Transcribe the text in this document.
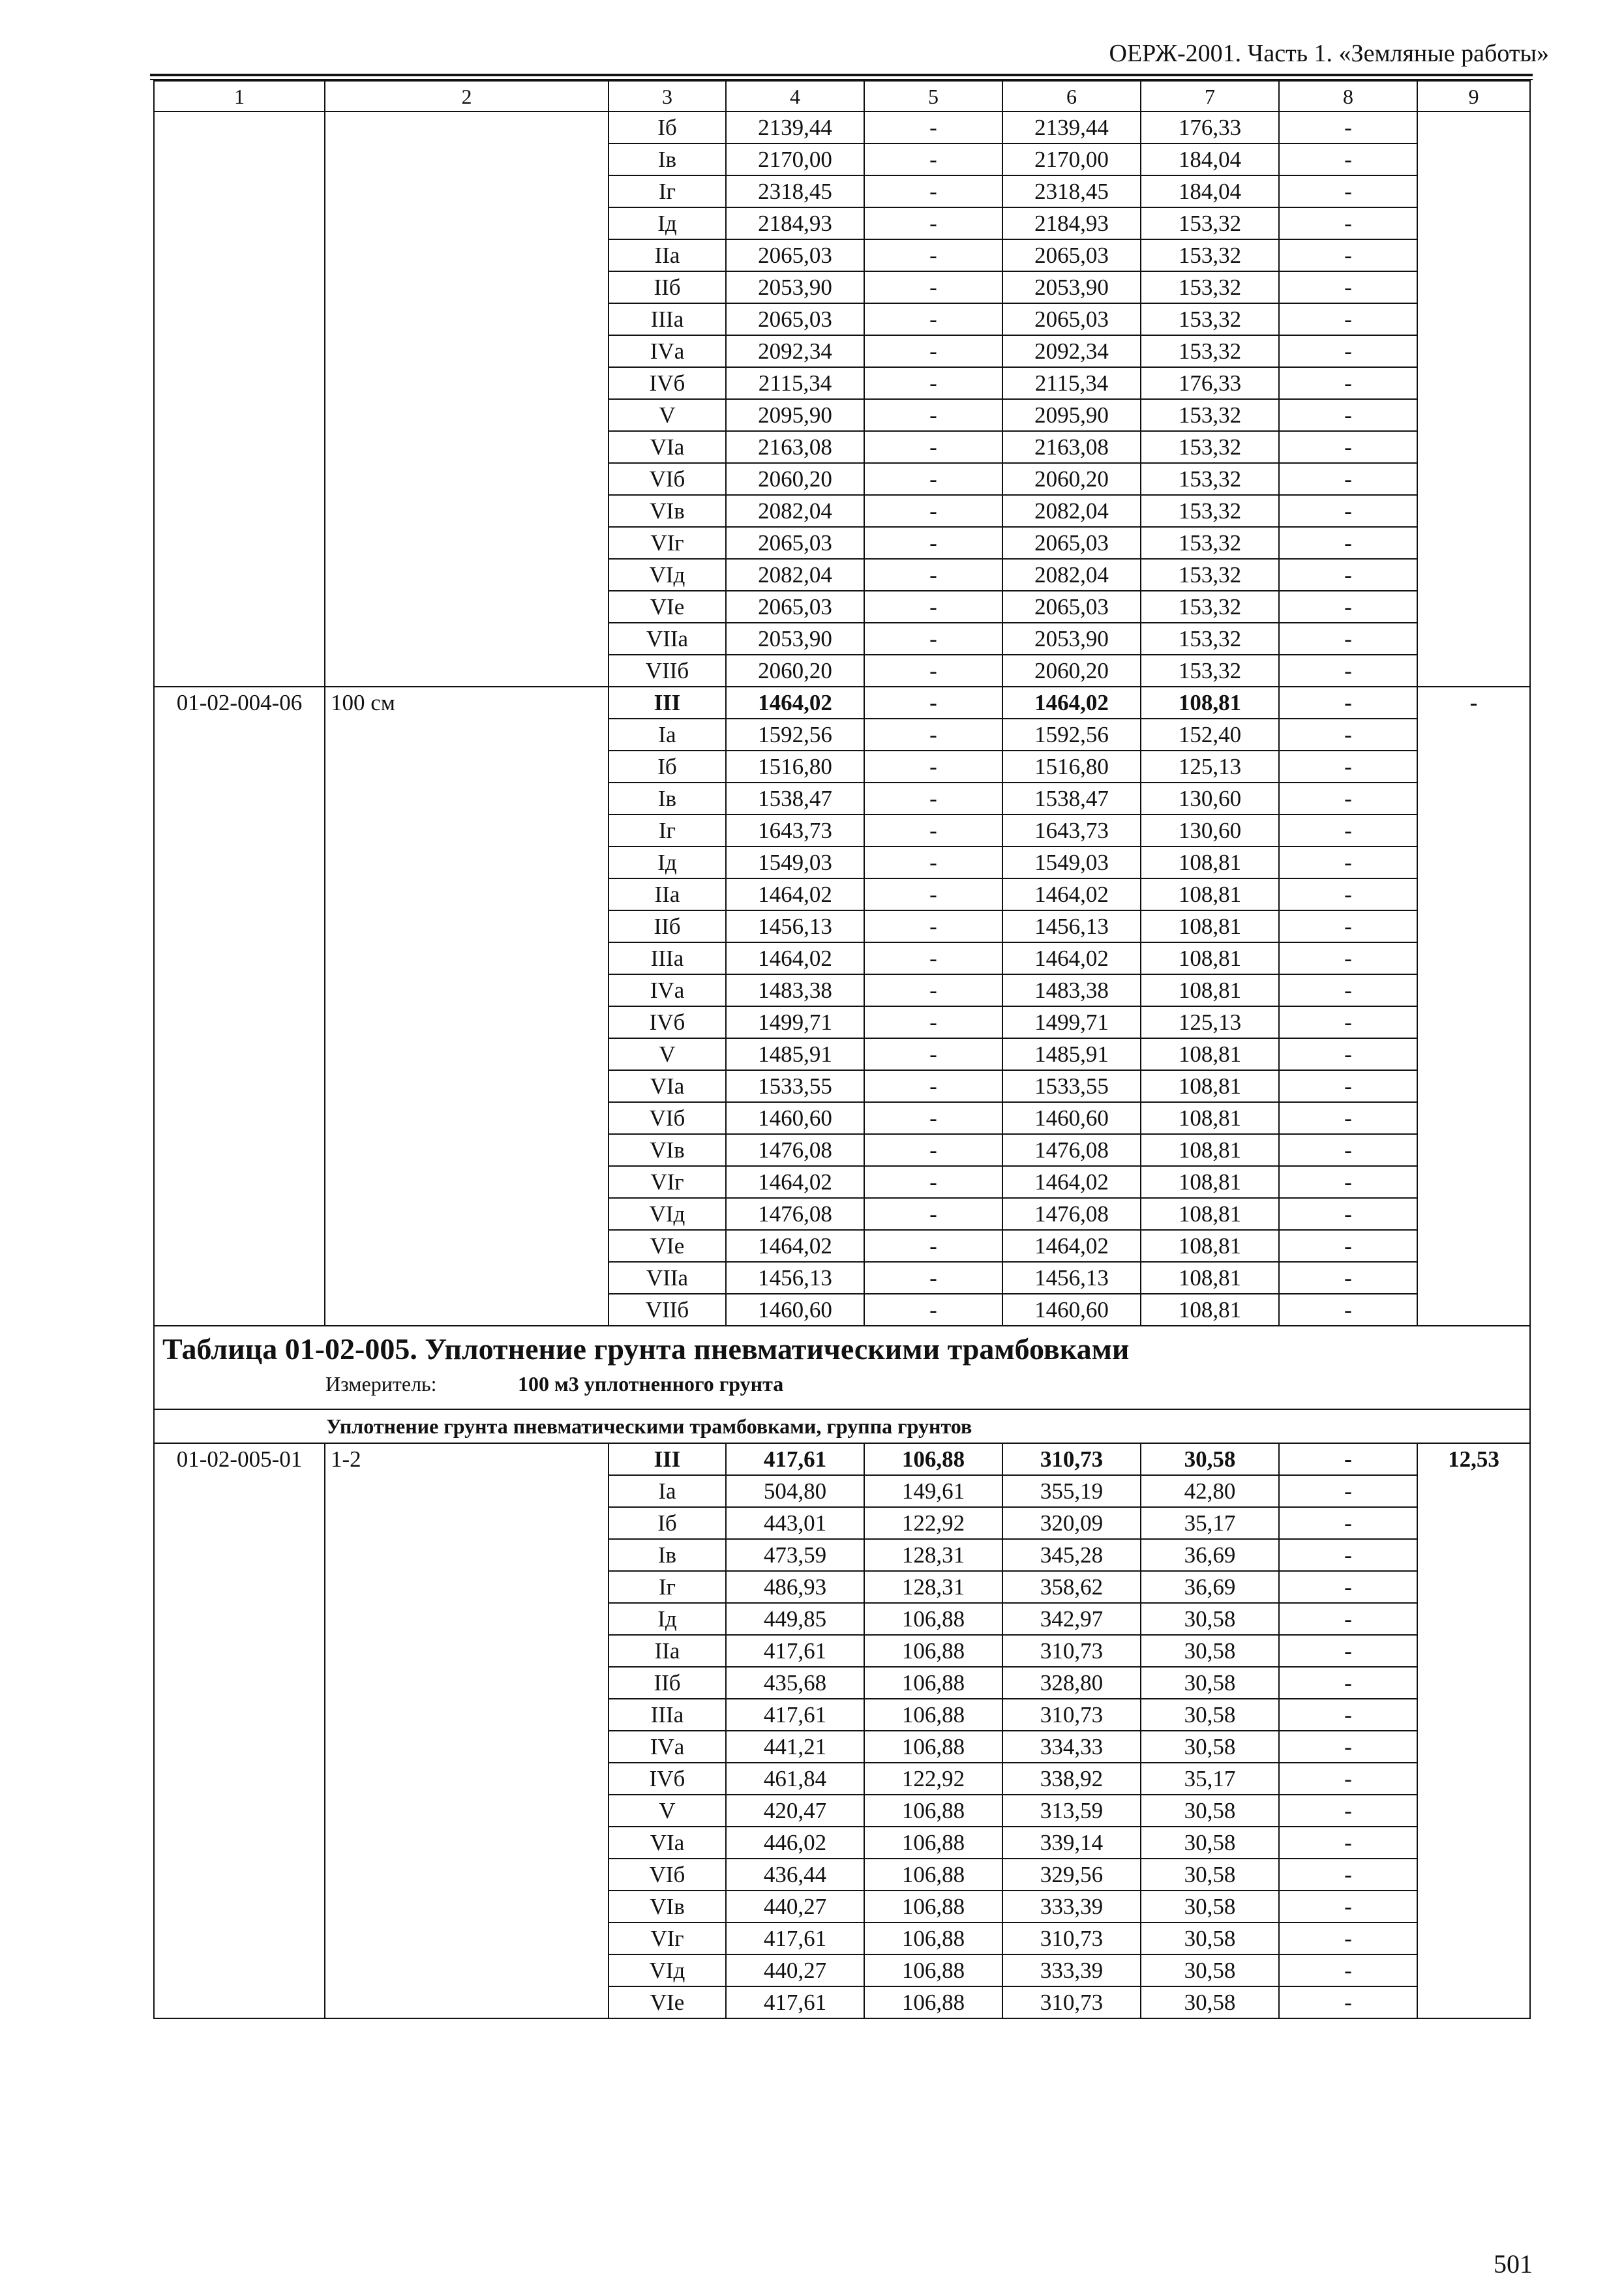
ОЕРЖ-2001. Часть 1. «Земляные работы»
1	2	3	4	5	6	7	8	9
		Iб	2139,44	-	2139,44	176,33	-	
		Iв	2170,00	-	2170,00	184,04	-	
		Iг	2318,45	-	2318,45	184,04	-	
		Iд	2184,93	-	2184,93	153,32	-	
		IIа	2065,03	-	2065,03	153,32	-	
		IIб	2053,90	-	2053,90	153,32	-	
		IIIа	2065,03	-	2065,03	153,32	-	
		IVа	2092,34	-	2092,34	153,32	-	
		IVб	2115,34	-	2115,34	176,33	-	
		V	2095,90	-	2095,90	153,32	-	
		VIа	2163,08	-	2163,08	153,32	-	
		VIб	2060,20	-	2060,20	153,32	-	
		VIв	2082,04	-	2082,04	153,32	-	
		VIг	2065,03	-	2065,03	153,32	-	
		VIд	2082,04	-	2082,04	153,32	-	
		VIе	2065,03	-	2065,03	153,32	-	
		VIIа	2053,90	-	2053,90	153,32	-	
		VIIб	2060,20	-	2060,20	153,32	-	
01-02-004-06	100 см	III	1464,02	-	1464,02	108,81	-	-
		Iа	1592,56	-	1592,56	152,40	-	
		Iб	1516,80	-	1516,80	125,13	-	
		Iв	1538,47	-	1538,47	130,60	-	
		Iг	1643,73	-	1643,73	130,60	-	
		Iд	1549,03	-	1549,03	108,81	-	
		IIа	1464,02	-	1464,02	108,81	-	
		IIб	1456,13	-	1456,13	108,81	-	
		IIIа	1464,02	-	1464,02	108,81	-	
		IVа	1483,38	-	1483,38	108,81	-	
		IVб	1499,71	-	1499,71	125,13	-	
		V	1485,91	-	1485,91	108,81	-	
		VIа	1533,55	-	1533,55	108,81	-	
		VIб	1460,60	-	1460,60	108,81	-	
		VIв	1476,08	-	1476,08	108,81	-	
		VIг	1464,02	-	1464,02	108,81	-	
		VIд	1476,08	-	1476,08	108,81	-	
		VIе	1464,02	-	1464,02	108,81	-	
		VIIа	1456,13	-	1456,13	108,81	-	
		VIIб	1460,60	-	1460,60	108,81	-	

Таблица 01-02-005. Уплотнение грунта пневматическими трамбовками
Измеритель: 100 м3 уплотненного грунта								

Уплотнение грунта пневматическими трамбовками, группа грунтов								
01-02-005-01	1-2	III	417,61	106,88	310,73	30,58	-	12,53
		Iа	504,80	149,61	355,19	42,80	-	
		Iб	443,01	122,92	320,09	35,17	-	
		Iв	473,59	128,31	345,28	36,69	-	
		Iг	486,93	128,31	358,62	36,69	-	
		Iд	449,85	106,88	342,97	30,58	-	
		IIа	417,61	106,88	310,73	30,58	-	
		IIб	435,68	106,88	328,80	30,58	-	
		IIIа	417,61	106,88	310,73	30,58	-	
		IVа	441,21	106,88	334,33	30,58	-	
		IVб	461,84	122,92	338,92	35,17	-	
		V	420,47	106,88	313,59	30,58	-	
		VIа	446,02	106,88	339,14	30,58	-	
		VIб	436,44	106,88	329,56	30,58	-	
		VIв	440,27	106,88	333,39	30,58	-	
		VIг	417,61	106,88	310,73	30,58	-	
		VIд	440,27	106,88	333,39	30,58	-	
		VIе	417,61	106,88	310,73	30,58	-	
501
